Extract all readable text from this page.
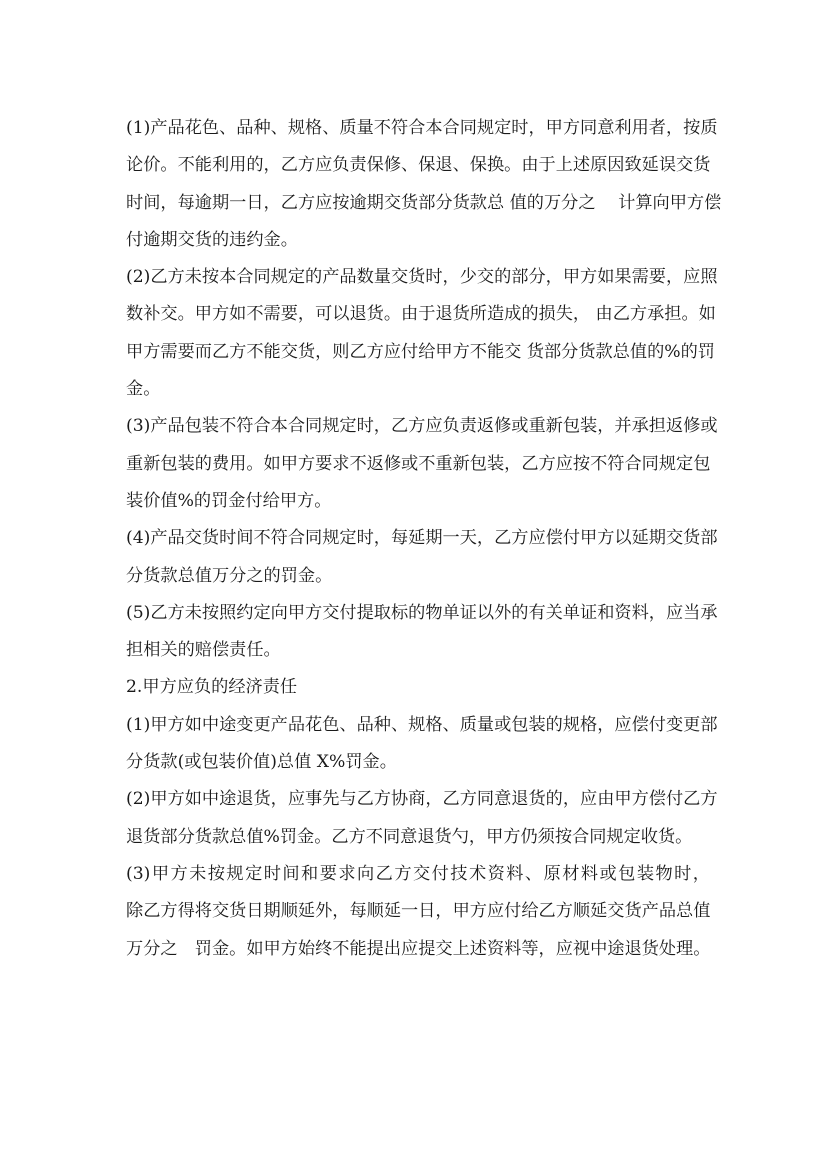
(1)产品花色、品种、规格、质量不符合本合同规定时，甲方同意利用者，按质
论价。不能利用的，乙方应负责保修、保退、保换。由于上述原因致延误交货
时间，每逾期一日，乙方应按逾期交货部分货款总 值的万分之　 计算向甲方偿
付逾期交货的违约金。
(2)乙方未按本合同规定的产品数量交货时，少交的部分，甲方如果需要，应照
数补交。甲方如不需要，可以退货。由于退货所造成的损失， 由乙方承担。如
甲方需要而乙方不能交货，则乙方应付给甲方不能交 货部分货款总值的%的罚
金。
(3)产品包装不符合本合同规定时，乙方应负责返修或重新包装，并承担返修或
重新包装的费用。如甲方要求不返修或不重新包装，乙方应按不符合同规定包
装价值%的罚金付给甲方。
(4)产品交货时间不符合同规定时，每延期一天，乙方应偿付甲方以延期交货部
分货款总值万分之的罚金。
(5)乙方未按照约定向甲方交付提取标的物单证以外的有关单证和资料，应当承
担相关的赔偿责任。
2.甲方应负的经济责任
(1)甲方如中途变更产品花色、品种、规格、质量或包装的规格，应偿付变更部
分货款(或包装价值)总值 X%罚金。
(2)甲方如中途退货，应事先与乙方协商，乙方同意退货的，应由甲方偿付乙方
退货部分货款总值%罚金。乙方不同意退货勺，甲方仍须按合同规定收货。
(3)甲方未按规定时间和要求向乙方交付技术资料、原材料或包装物时，
除乙方得将交货日期顺延外，每顺延一日，甲方应付给乙方顺延交货产品总值
万分之　罚金。如甲方始终不能提出应提交上述资料等，应视中途退货处理。
